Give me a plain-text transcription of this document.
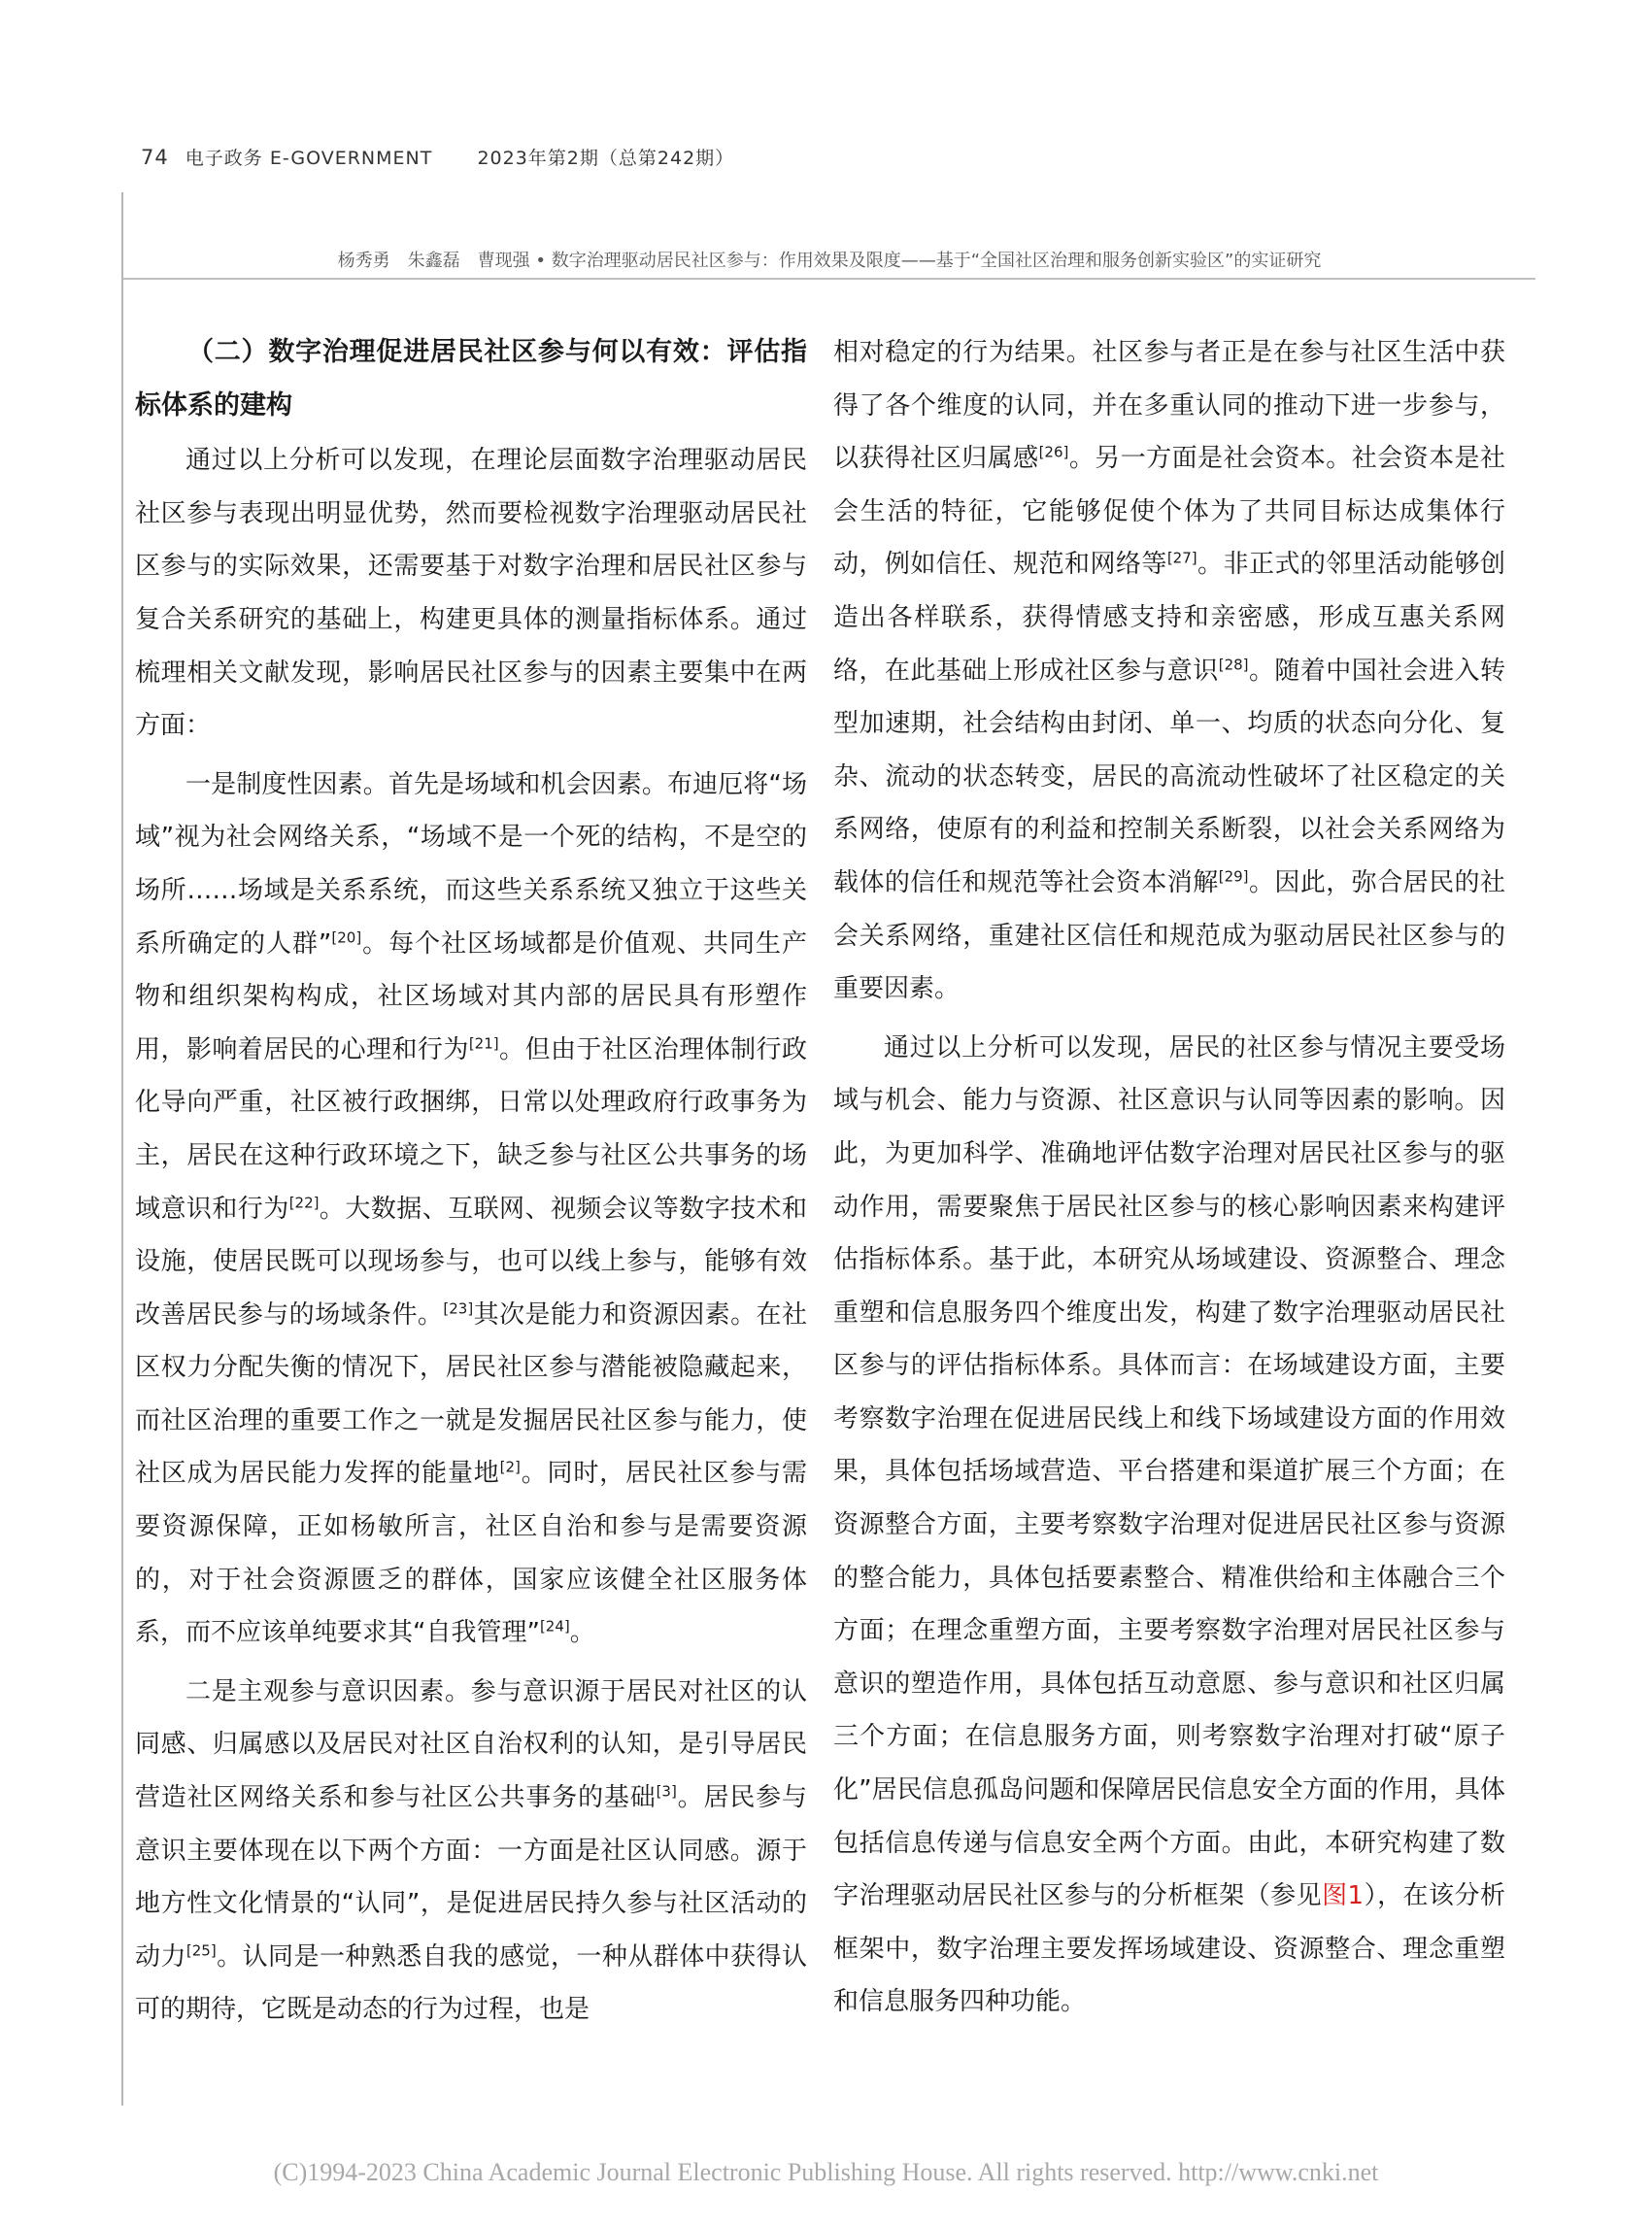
74 电子政务 E-GOVERNMENT 2023年第2期（总第242期）
杨秀勇　朱鑫磊　曹现强 • 数字治理驱动居民社区参与：作用效果及限度——基于“全国社区治理和服务创新实验区”的实证研究
（二）数字治理促进居民社区参与何以有效：评估指标体系的建构

通过以上分析可以发现，在理论层面数字治理驱动居民社区参与表现出明显优势，然而要检视数字治理驱动居民社区参与的实际效果，还需要基于对数字治理和居民社区参与复合关系研究的基础上，构建更具体的测量指标体系。通过梳理相关文献发现，影响居民社区参与的因素主要集中在两方面：

一是制度性因素。首先是场域和机会因素。布迪厄将“场域”视为社会网络关系，“场域不是一个死的结构，不是空的场所……场域是关系系统，而这些关系系统又独立于这些关系所确定的人群”[20]。每个社区场域都是价值观、共同生产物和组织架构构成，社区场域对其内部的居民具有形塑作用，影响着居民的心理和行为[21]。但由于社区治理体制行政化导向严重，社区被行政捆绑，日常以处理政府行政事务为主，居民在这种行政环境之下，缺乏参与社区公共事务的场域意识和行为[22]。大数据、互联网、视频会议等数字技术和设施，使居民既可以现场参与，也可以线上参与，能够有效改善居民参与的场域条件。[23]其次是能力和资源因素。在社区权力分配失衡的情况下，居民社区参与潜能被隐藏起来，而社区治理的重要工作之一就是发掘居民社区参与能力，使社区成为居民能力发挥的能量地[2]。同时，居民社区参与需要资源保障，正如杨敏所言，社区自治和参与是需要资源的，对于社会资源匮乏的群体，国家应该健全社区服务体系，而不应该单纯要求其“自我管理”[24]。

二是主观参与意识因素。参与意识源于居民对社区的认同感、归属感以及居民对社区自治权利的认知，是引导居民营造社区网络关系和参与社区公共事务的基础[3]。居民参与意识主要体现在以下两个方面：一方面是社区认同感。源于地方性文化情景的“认同”，是促进居民持久参与社区活动的动力[25]。认同是一种熟悉自我的感觉，一种从群体中获得认可的期待，它既是动态的行为过程，也是

相对稳定的行为结果。社区参与者正是在参与社区生活中获得了各个维度的认同，并在多重认同的推动下进一步参与，以获得社区归属感[26]。另一方面是社会资本。社会资本是社会生活的特征，它能够促使个体为了共同目标达成集体行动，例如信任、规范和网络等[27]。非正式的邻里活动能够创造出各样联系，获得情感支持和亲密感，形成互惠关系网络，在此基础上形成社区参与意识[28]。随着中国社会进入转型加速期，社会结构由封闭、单一、均质的状态向分化、复杂、流动的状态转变，居民的高流动性破坏了社区稳定的关系网络，使原有的利益和控制关系断裂，以社会关系网络为载体的信任和规范等社会资本消解[29]。因此，弥合居民的社会关系网络，重建社区信任和规范成为驱动居民社区参与的重要因素。

通过以上分析可以发现，居民的社区参与情况主要受场域与机会、能力与资源、社区意识与认同等因素的影响。因此，为更加科学、准确地评估数字治理对居民社区参与的驱动作用，需要聚焦于居民社区参与的核心影响因素来构建评估指标体系。基于此，本研究从场域建设、资源整合、理念重塑和信息服务四个维度出发，构建了数字治理驱动居民社区参与的评估指标体系。具体而言：在场域建设方面，主要考察数字治理在促进居民线上和线下场域建设方面的作用效果，具体包括场域营造、平台搭建和渠道扩展三个方面；在资源整合方面，主要考察数字治理对促进居民社区参与资源的整合能力，具体包括要素整合、精准供给和主体融合三个方面；在理念重塑方面，主要考察数字治理对居民社区参与意识的塑造作用，具体包括互动意愿、参与意识和社区归属三个方面；在信息服务方面，则考察数字治理对打破“原子化”居民信息孤岛问题和保障居民信息安全方面的作用，具体包括信息传递与信息安全两个方面。由此，本研究构建了数字治理驱动居民社区参与的分析框架（参见图1），在该分析框架中，数字治理主要发挥场域建设、资源整合、理念重塑和信息服务四种功能。

(C)1994-2023 China Academic Journal Electronic Publishing House. All rights reserved. http://www.cnki.net
